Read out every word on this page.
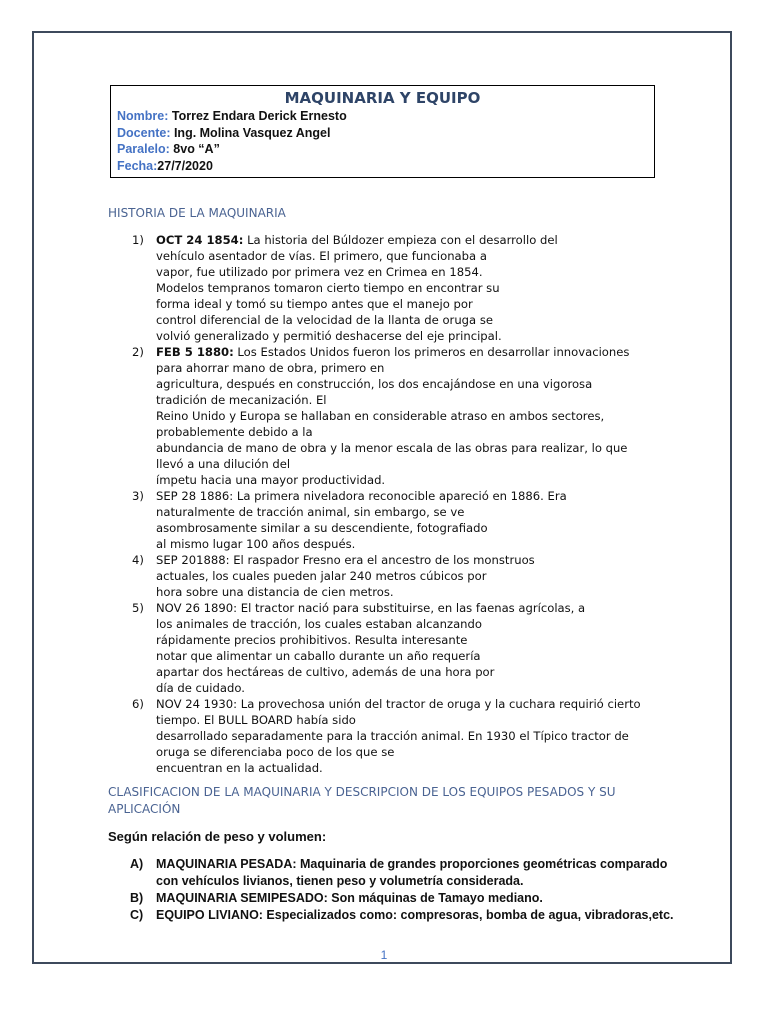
MAQUINARIA Y EQUIPO

Nombre: Torrez Endara Derick Ernesto
Docente: Ing. Molina Vasquez Angel
Paralelo: 8vo “A”
Fecha:27/7/2020

HISTORIA DE LA MAQUINARIA

1) OCT 24 1854: La historia del Búldozer empieza con el desarrollo del
vehículo asentador de vías. El primero, que funcionaba a
vapor, fue utilizado por primera vez en Crimea en 1854.
Modelos tempranos tomaron cierto tiempo en encontrar su
forma ideal y tomó su tiempo antes que el manejo por
control diferencial de la velocidad de la llanta de oruga se
volvió generalizado y permitió deshacerse del eje principal.
2) FEB 5 1880: Los Estados Unidos fueron los primeros en desarrollar innovaciones
para ahorrar mano de obra, primero en
agricultura, después en construcción, los dos encajándose en una vigorosa
tradición de mecanización. El
Reino Unido y Europa se hallaban en considerable atraso en ambos sectores,
probablemente debido a la
abundancia de mano de obra y la menor escala de las obras para realizar, lo que
llevó a una dilución del
ímpetu hacia una mayor productividad.
3) SEP 28 1886: La primera niveladora reconocible apareció en 1886. Era
naturalmente de tracción animal, sin embargo, se ve
asombrosamente similar a su descendiente, fotografiado
al mismo lugar 100 años después.
4) SEP 201888: El raspador Fresno era el ancestro de los monstruos
actuales, los cuales pueden jalar 240 metros cúbicos por
hora sobre una distancia de cien metros.
5) NOV 26 1890: El tractor nació para substituirse, en las faenas agrícolas, a
los animales de tracción, los cuales estaban alcanzando
rápidamente precios prohibitivos. Resulta interesante
notar que alimentar un caballo durante un año requería
apartar dos hectáreas de cultivo, además de una hora por
día de cuidado.
6) NOV 24 1930: La provechosa unión del tractor de oruga y la cuchara requirió cierto
tiempo. El BULL BOARD había sido
desarrollado separadamente para la tracción animal. En 1930 el Típico tractor de
oruga se diferenciaba poco de los que se
encuentran en la actualidad.
CLASIFICACION DE LA MAQUINARIA Y DESCRIPCION DE LOS EQUIPOS PESADOS Y SU
APLICACIÓN

Según relación de peso y volumen:

A) MAQUINARIA PESADA: Maquinaria de grandes proporciones geométricas comparado
con vehículos livianos, tienen peso y volumetría considerada.
B) MAQUINARIA SEMIPESADO: Son máquinas de Tamayo mediano.
C) EQUIPO LIVIANO: Especializados como: compresoras, bomba de agua, vibradoras,etc.
1
